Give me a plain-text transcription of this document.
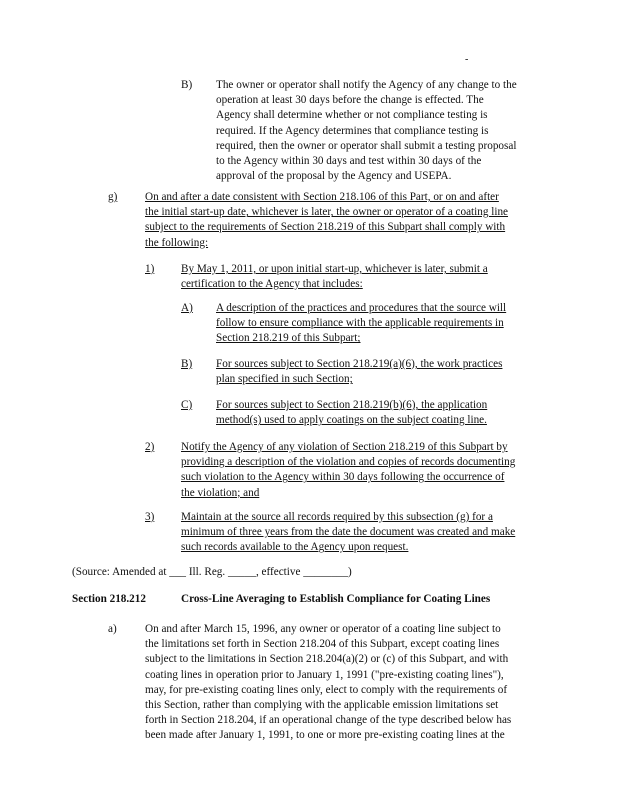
-
B) The owner or operator shall notify the Agency of any change to the
operation at least 30 days before the change is effected. The
Agency shall determine whether or not compliance testing is
required. If the Agency determines that compliance testing is
required, then the owner or operator shall submit a testing proposal
to the Agency within 30 days and test within 30 days of the
approval of the proposal by the Agency and USEPA.
g) On and after a date consistent with Section 218.106 of this Part, or on and after
the initial start-up date, whichever is later, the owner or operator of a coating line
subject to the requirements of Section 218.219 of this Subpart shall comply with
the following:
1) By May 1, 2011, or upon initial start-up, whichever is later, submit a
certification to the Agency that includes:
A) A description of the practices and procedures that the source will
follow to ensure compliance with the applicable requirements in
Section 218.219 of this Subpart;
B) For sources subject to Section 218.219(a)(6), the work practices
plan specified in such Section;
C) For sources subject to Section 218.219(b)(6), the application
method(s) used to apply coatings on the subject coating line.
2) Notify the Agency of any violation of Section 218.219 of this Subpart by
providing a description of the violation and copies of records documenting
such violation to the Agency within 30 days following the occurrence of
the violation; and
3) Maintain at the source all records required by this subsection (g) for a
minimum of three years from the date the document was created and make
such records available to the Agency upon request.
(Source: Amended at ___ Ill. Reg. _____, effective ________)
Section 218.212	Cross-Line Averaging to Establish Compliance for Coating Lines
a)	On and after March 15, 1996, any owner or operator of a coating line subject to
the limitations set forth in Section 218.204 of this Subpart, except coating lines
subject to the limitations in Section 218.204(a)(2) or (c) of this Subpart, and with
coating lines in operation prior to January 1, 1991 ("pre-existing coating lines"),
may, for pre-existing coating lines only, elect to comply with the requirements of
this Section, rather than complying with the applicable emission limitations set
forth in Section 218.204, if an operational change of the type described below has
been made after January 1, 1991, to one or more pre-existing coating lines at the
